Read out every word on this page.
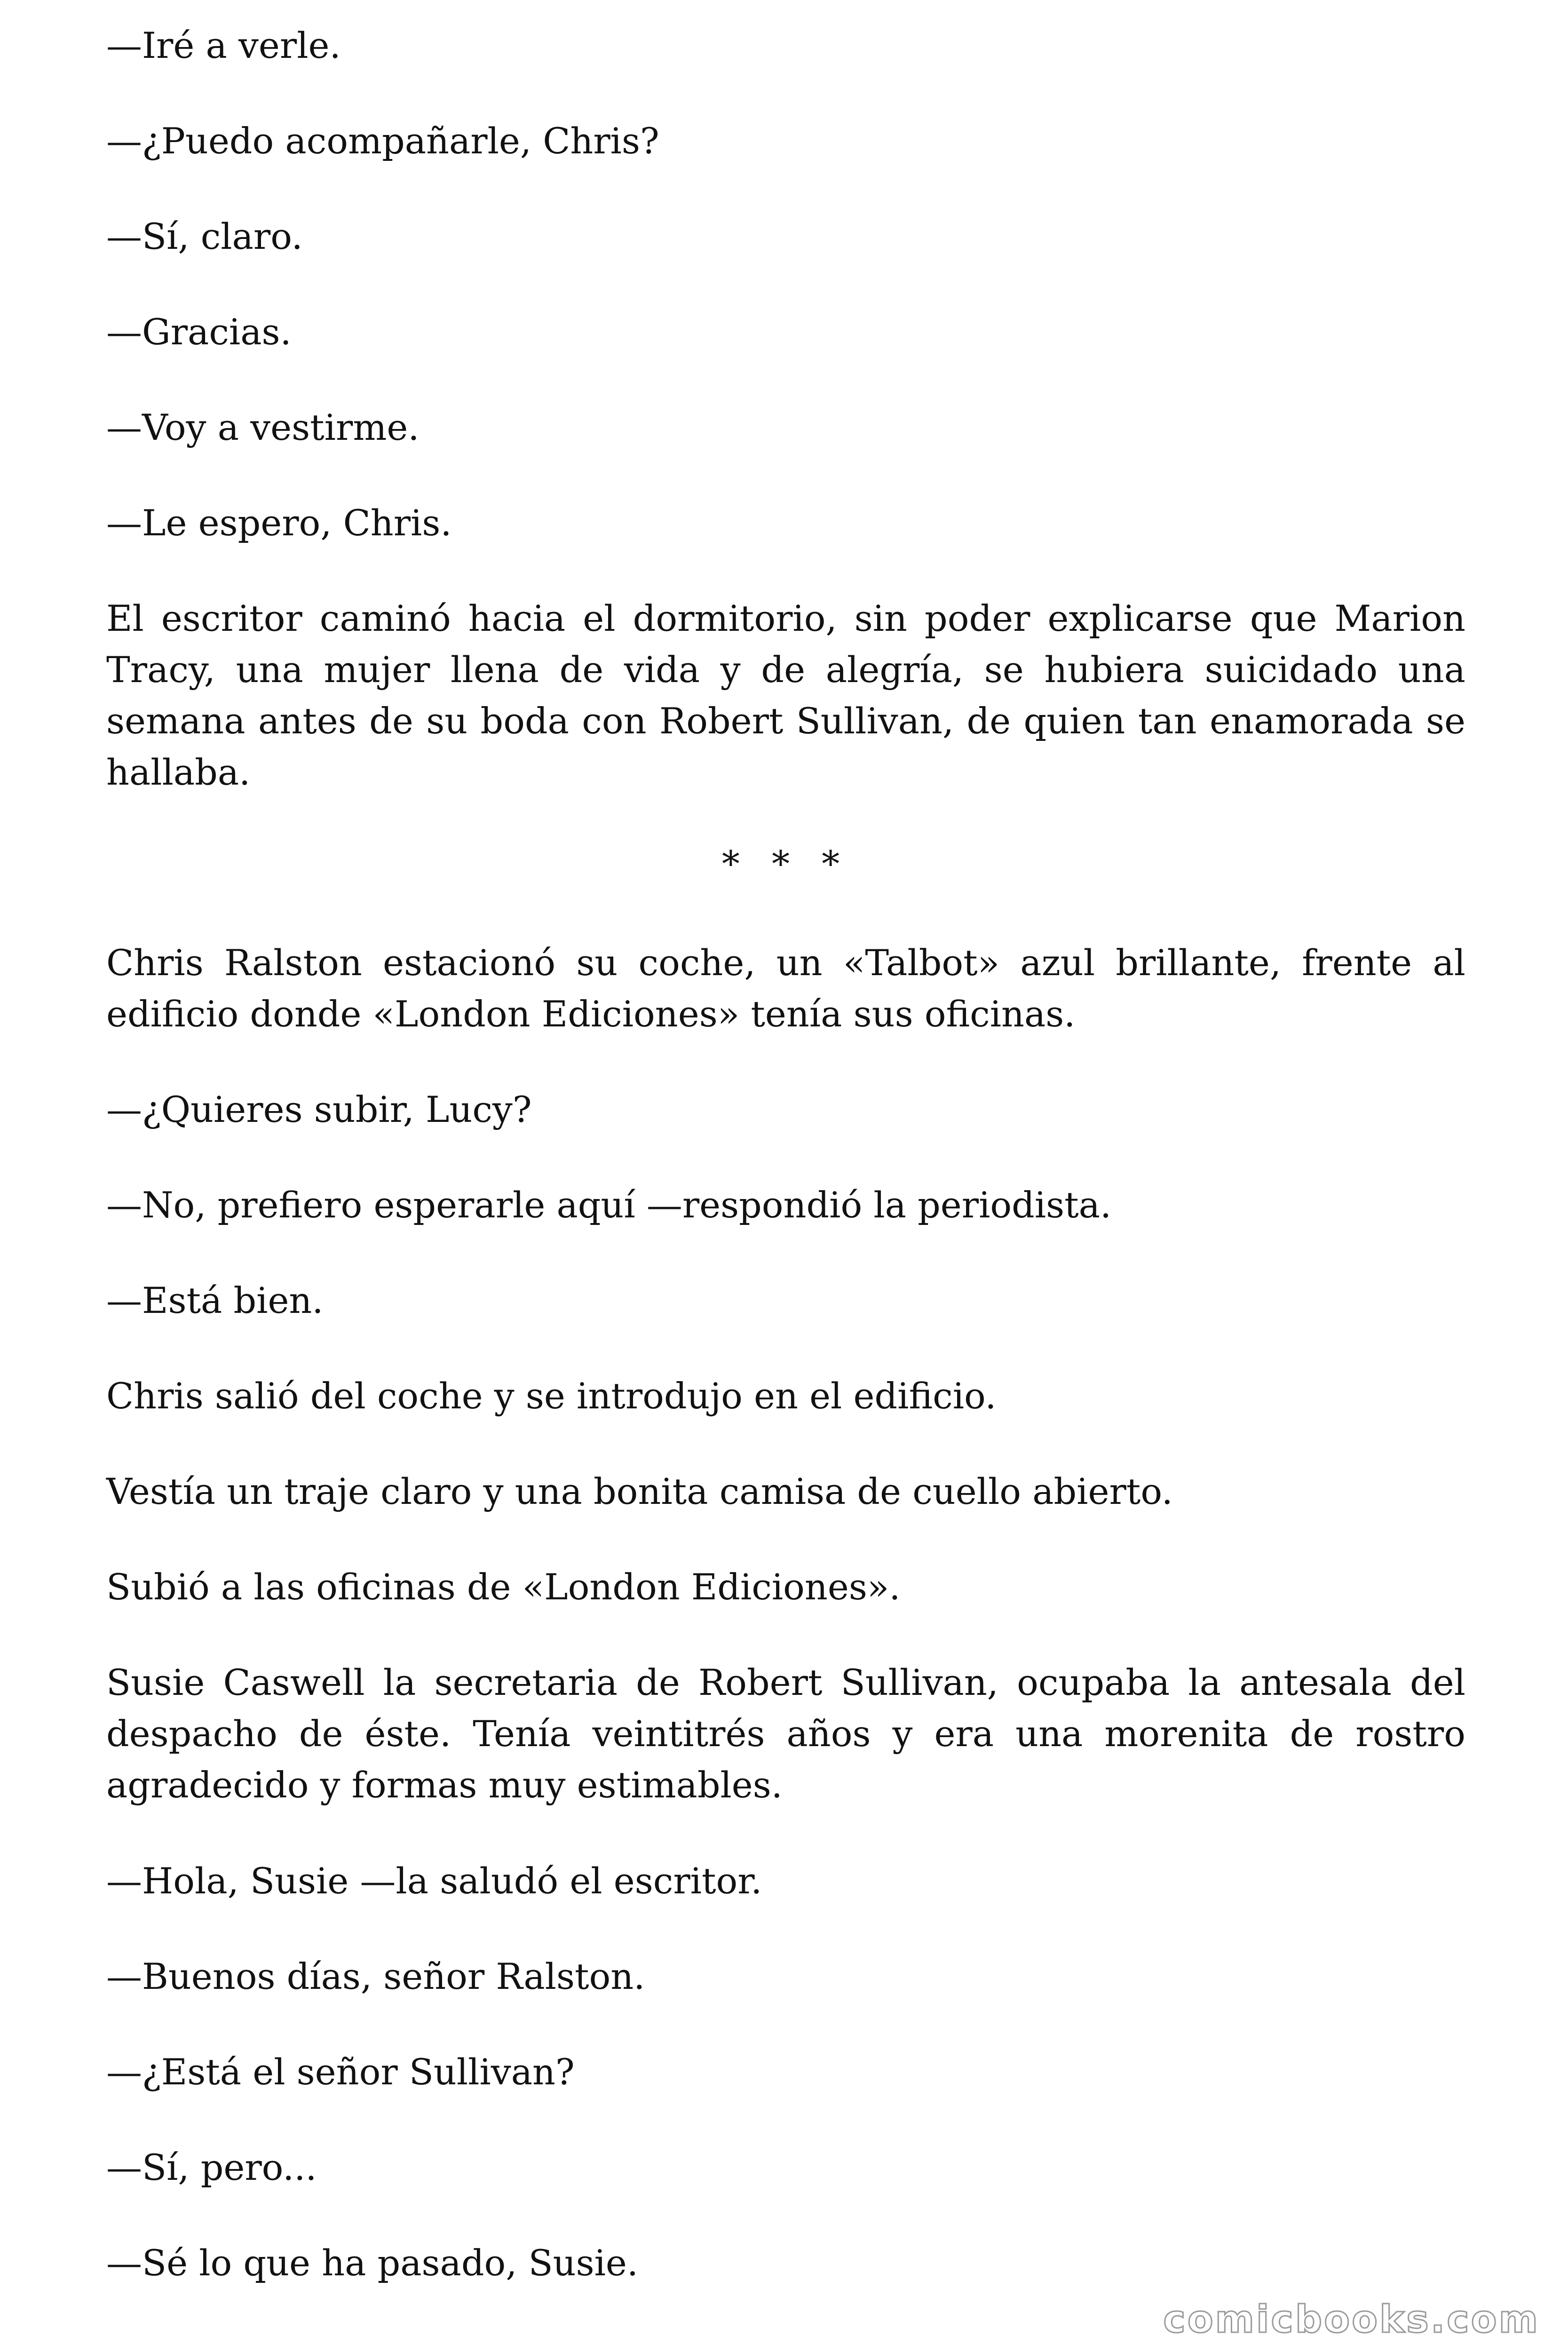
—Iré a verle.

—¿Puedo acompañarle, Chris?

—Sí, claro.

—Gracias.

—Voy a vestirme.

—Le espero, Chris.

El escritor caminó hacia el dormitorio, sin poder explicarse que Marion Tracy, una mujer llena de vida y de alegría, se hubiera suicidado una semana antes de su boda con Robert Sullivan, de quien tan enamorada se hallaba.

* * *

Chris Ralston estacionó su coche, un «Talbot» azul brillante, frente al edificio donde «London Ediciones» tenía sus oficinas.

—¿Quieres subir, Lucy?

—No, prefiero esperarle aquí —respondió la periodista.

—Está bien.

Chris salió del coche y se introdujo en el edificio.

Vestía un traje claro y una bonita camisa de cuello abierto.

Subió a las oficinas de «London Ediciones».

Susie Caswell la secretaria de Robert Sullivan, ocupaba la antesala del despacho de éste. Tenía veintitrés años y era una morenita de rostro agradecido y formas muy estimables.

—Hola, Susie —la saludó el escritor.

—Buenos días, señor Ralston.

—¿Está el señor Sullivan?

—Sí, pero...

—Sé lo que ha pasado, Susie.

comicbooks.com
